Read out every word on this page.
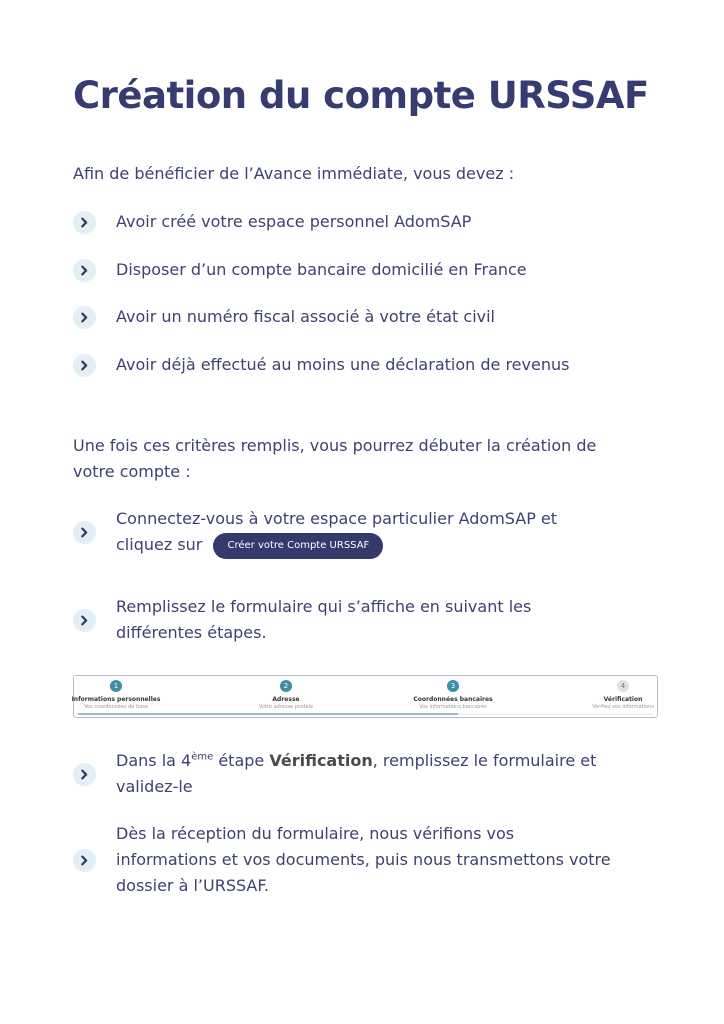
Création du compte URSSAF

Afin de bénéficier de l’Avance immédiate, vous devez :

Avoir créé votre espace personnel AdomSAP
Disposer d’un compte bancaire domicilié en France
Avoir un numéro fiscal associé à votre état civil
Avoir déjà effectué au moins une déclaration de revenus

Une fois ces critères remplis, vous pourrez débuter la création de votre compte :

Connectez-vous à votre espace particulier AdomSAP et cliquez sur	Créer votre Compte URSSAF
Remplissez le formulaire qui s’affiche en suivant les différentes étapes.
1
Informations personnelles
Vos coordonnées de base
2
Adresse
Votre adresse postale
3
Coordonnées bancaires
Vos informations bancaires
4
Vérification
Vérifiez vos informations
Dans la 4ème étape Vérification, remplissez le formulaire et validez-le
Dès la réception du formulaire, nous vérifions vos informations et vos documents, puis nous transmettons votre dossier à l’URSSAF.
